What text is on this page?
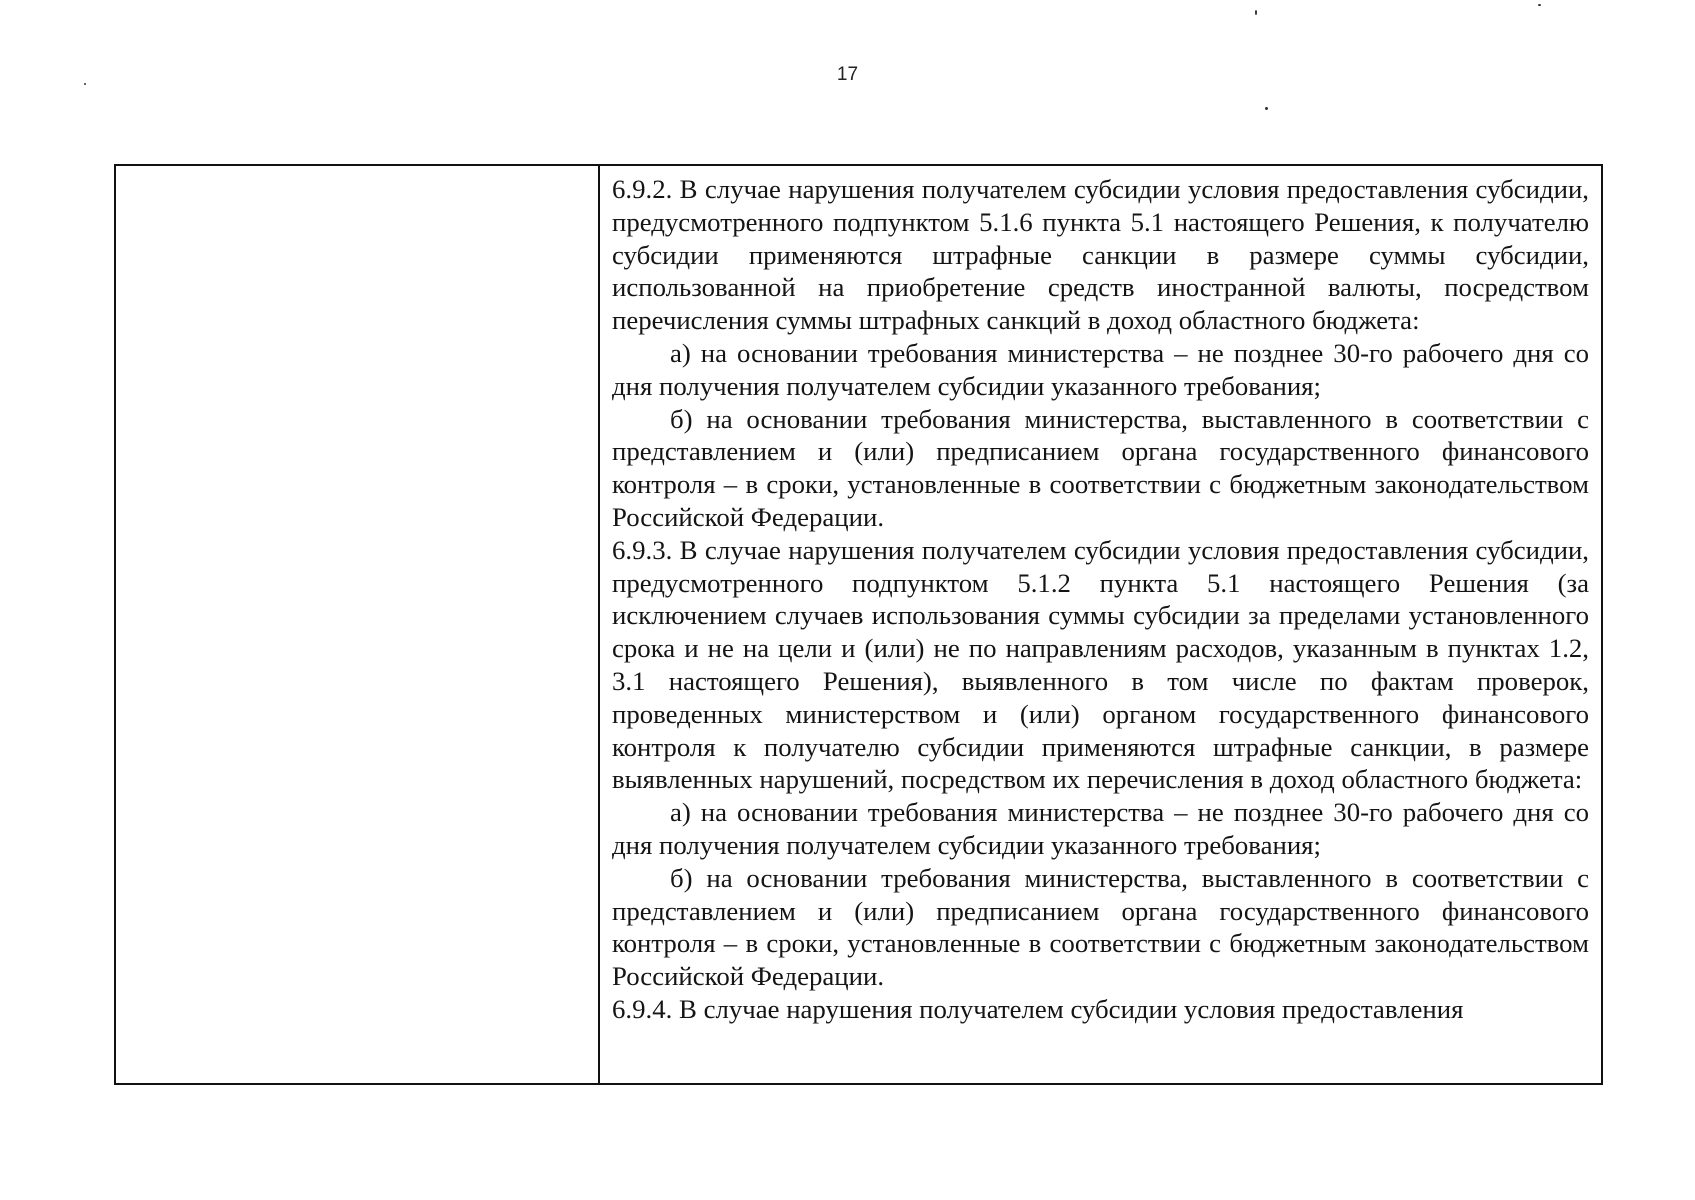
17

6.9.2. В случае нарушения получателем субсидии условия предоставления субсидии, предусмотренного подпунктом 5.1.6 пункта 5.1 настоящего Решения, к получателю субсидии применяются штрафные санкции в размере суммы субсидии, использованной на приобретение средств иностранной валюты, посредством перечисления суммы штрафных санкций в доход областного бюджета:

а) на основании требования министерства – не позднее 30-го рабочего дня со дня получения получателем субсидии указанного требования;

б) на основании требования министерства, выставленного в соответствии с представлением и (или) предписанием органа государственного финансового контроля – в сроки, установленные в соответствии с бюджетным законодательством Российской Федерации.

6.9.3. В случае нарушения получателем субсидии условия предоставления субсидии, предусмотренного подпунктом 5.1.2 пункта 5.1 настоящего Решения (за исключением случаев использования суммы субсидии за пределами установленного срока и не на цели и (или) не по направлениям расходов, указанным в пунктах 1.2, 3.1 настоящего Решения), выявленного в том числе по фактам проверок, проведенных министерством и (или) органом государственного финансового контроля к получателю субсидии применяются штрафные санкции, в размере выявленных нарушений, посредством их перечисления в доход областного бюджета:

а) на основании требования министерства – не позднее 30-го рабочего дня со дня получения получателем субсидии указанного требования;

б) на основании требования министерства, выставленного в соответствии с представлением и (или) предписанием органа государственного финансового контроля – в сроки, установленные в соответствии с бюджетным законодательством Российской Федерации.

6.9.4. В случае нарушения получателем субсидии условия предоставления
